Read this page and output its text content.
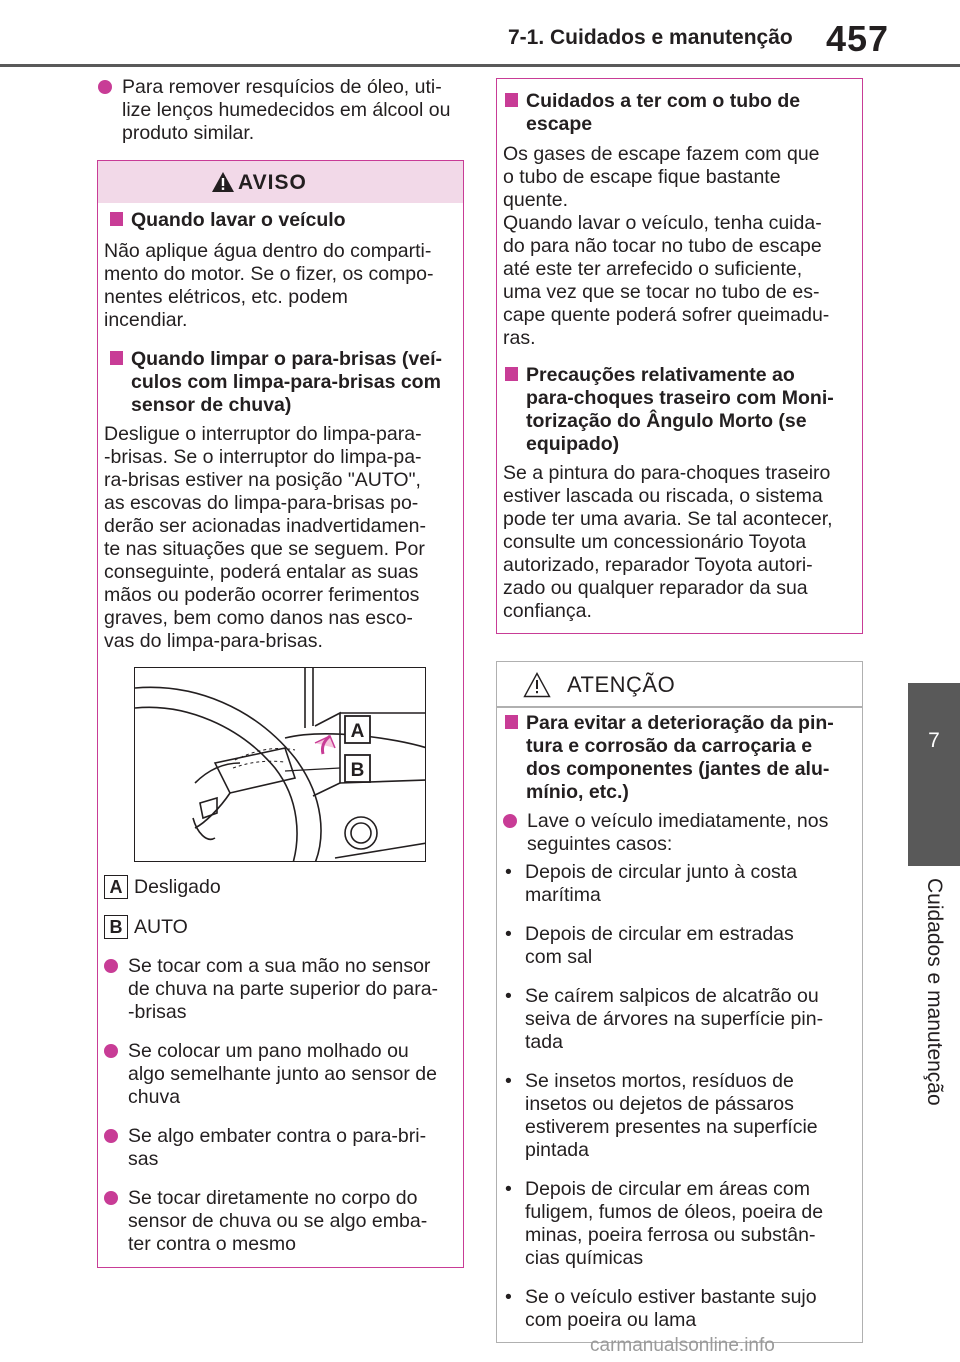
7-1. Cuidados e manutenção 457
7
Cuidados e manutenção
Para remover resquícios de óleo, uti-
lize lenços humedecidos em álcool ou
produto similar.
AVISO
Quando lavar o veículo
Não aplique água dentro do comparti-
mento do motor. Se o fizer, os compo-
nentes elétricos, etc. podem
incendiar.
Quando limpar o para-brisas (veí-
culos com limpa-para-brisas com
sensor de chuva)
Desligue o interruptor do limpa-para-
-brisas. Se o interruptor do limpa-pa-
ra-brisas estiver na posição "AUTO",
as escovas do limpa-para-brisas po-
derão ser acionadas inadvertidamen-
te nas situações que se seguem. Por
conseguinte, poderá entalar as suas
mãos ou poderão ocorrer ferimentos
graves, bem como danos nas esco-
vas do limpa-para-brisas.
A
B
A Desligado
B AUTO
Se tocar com a sua mão no sensor
de chuva na parte superior do para-
-brisas
Se colocar um pano molhado ou
algo semelhante junto ao sensor de
chuva
Se algo embater contra o para-bri-
sas
Se tocar diretamente no corpo do
sensor de chuva ou se algo emba-
ter contra o mesmo
Cuidados a ter com o tubo de
escape
Os gases de escape fazem com que
o tubo de escape fique bastante
quente.
Quando lavar o veículo, tenha cuida-
do para não tocar no tubo de escape
até este ter arrefecido o suficiente,
uma vez que se tocar no tubo de es-
cape quente poderá sofrer queimadu-
ras.
Precauções relativamente ao
para-choques traseiro com Moni-
torização do Ângulo Morto (se
equipado)
Se a pintura do para-choques traseiro
estiver lascada ou riscada, o sistema
pode ter uma avaria. Se tal acontecer,
consulte um concessionário Toyota
autorizado, reparador Toyota autori-
zado ou qualquer reparador da sua
confiança.
ATENÇÃO
Para evitar a deterioração da pin-
tura e corrosão da carroçaria e
dos componentes (jantes de alu-
mínio, etc.)
Lave o veículo imediatamente, nos
seguintes casos:
• Depois de circular junto à costa
marítima
• Depois de circular em estradas
com sal
• Se caírem salpicos de alcatrão ou
seiva de árvores na superfície pin-
tada
• Se insetos mortos, resíduos de
insetos ou dejetos de pássaros
estiverem presentes na superfície
pintada
• Depois de circular em áreas com
fuligem, fumos de óleos, poeira de
minas, poeira ferrosa ou substân-
cias químicas
• Se o veículo estiver bastante sujo
com poeira ou lama
carmanualsonline.info
